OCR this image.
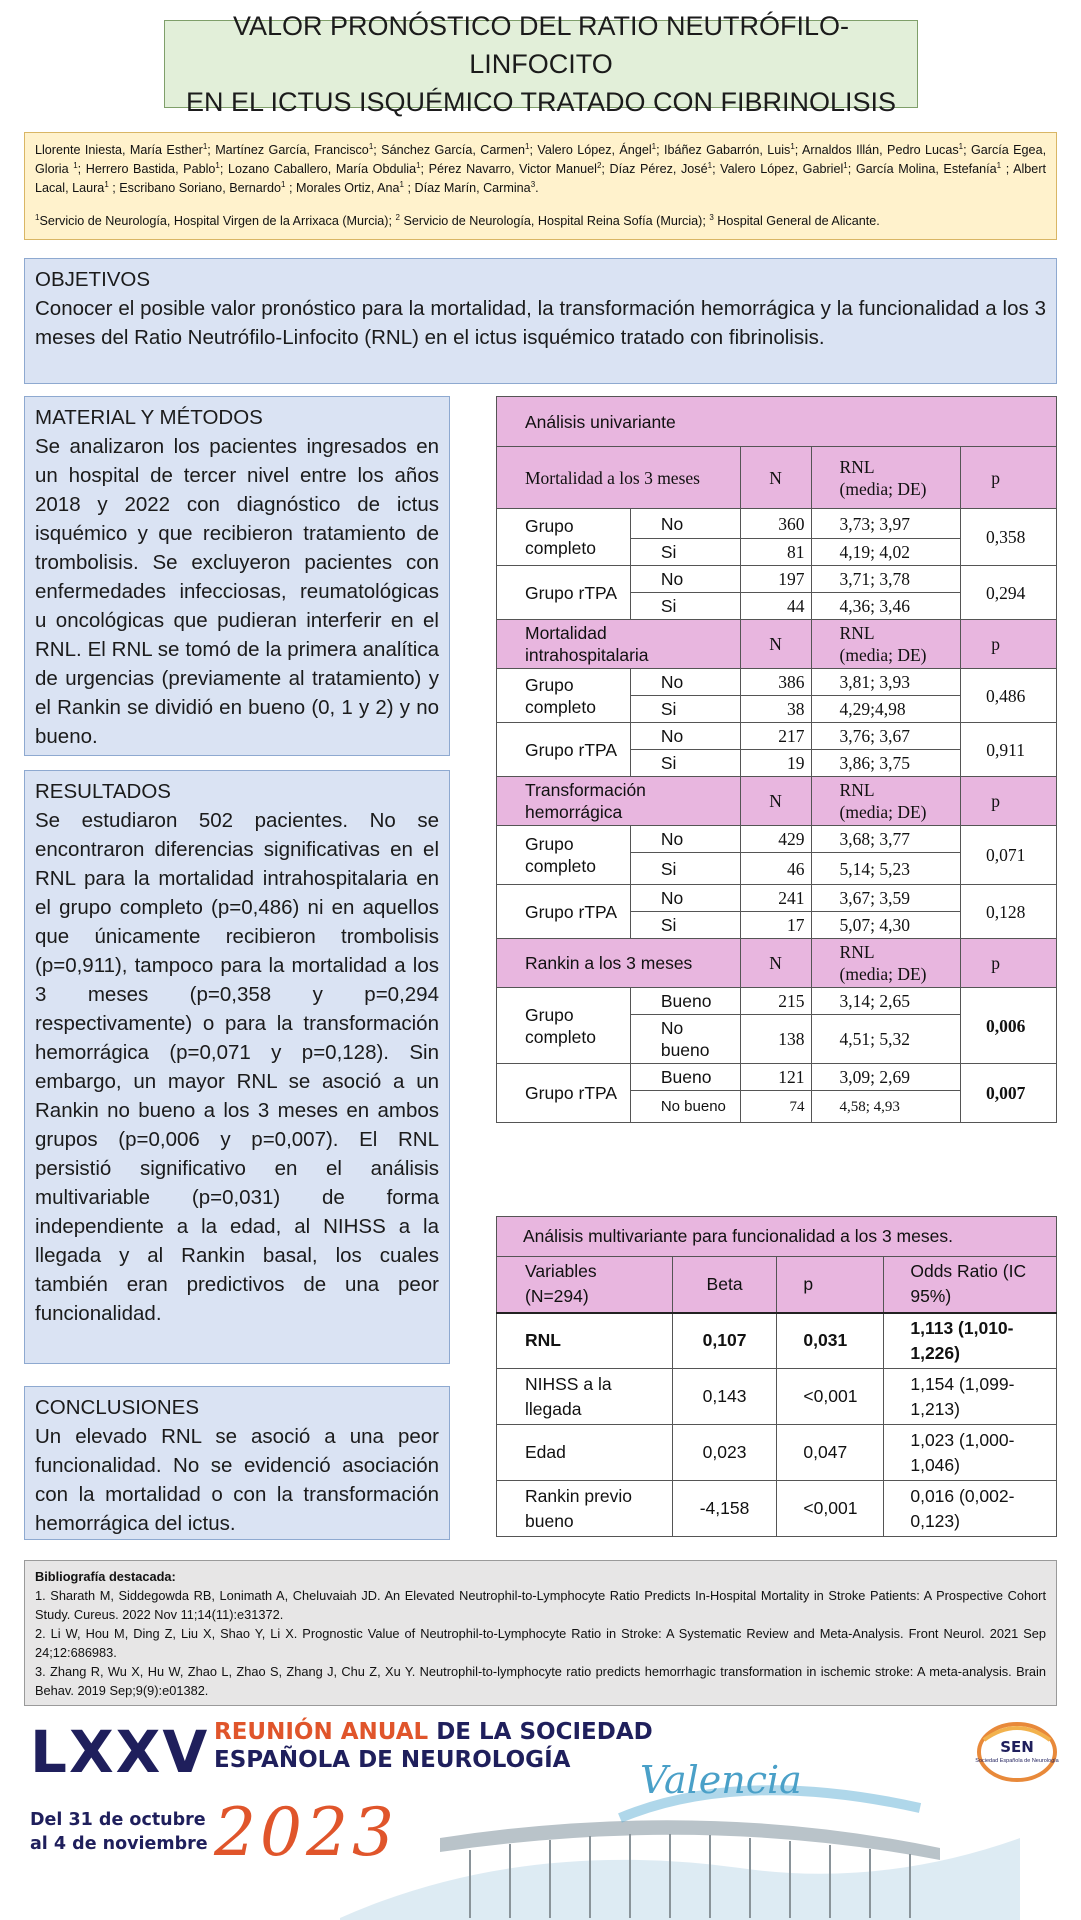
VALOR PRONÓSTICO DEL RATIO NEUTRÓFILO-LINFOCITO
EN EL ICTUS ISQUÉMICO TRATADO CON FIBRINOLISIS
Llorente Iniesta, María Esther$^1$; Martínez García, Francisco$^1$; Sánchez García, Carmen$^1$; Valero López, Ángel$^1$; Ibáñez Gabarrón, Luis$^1$; Arnaldos Illán, Pedro Lucas$^1$; García Egea, Gloria $^1$; Herrero Bastida, Pablo$^1$; Lozano Caballero, María Obdulia$^1$; Pérez Navarro, Victor Manuel$^2$; Díaz Pérez, José$^1$; Valero López, Gabriel$^1$; García Molina, Estefanía$^1$ ; Albert Lacal, Laura$^1$ ; Escribano Soriano, Bernardo$^1$ ; Morales Ortiz, Ana$^1$ ; Díaz Marín, Carmina$^3$.
$^1$Servicio de Neurología, Hospital Virgen de la Arrixaca (Murcia); $^2$ Servicio de Neurología, Hospital Reina Sofía (Murcia); $^3$ Hospital General de Alicante.
OBJETIVOS
Conocer el posible valor pronóstico para la mortalidad, la transformación hemorrágica y la funcionalidad a los 3 meses del Ratio Neutrófilo-Linfocito (RNL) en el ictus isquémico tratado con fibrinolisis.
MATERIAL Y MÉTODOS
Se analizaron los pacientes ingresados en un hospital de tercer nivel entre los años 2018 y 2022 con diagnóstico de ictus isquémico y que recibieron tratamiento de trombolisis. Se excluyeron pacientes con enfermedades infecciosas, reumatológicas u oncológicas que pudieran interferir en el RNL. El RNL se tomó de la primera analítica de urgencias (previamente al tratamiento) y el Rankin se dividió en bueno (0, 1 y 2) y no bueno.
RESULTADOS
Se estudiaron 502 pacientes. No se encontraron diferencias significativas en el RNL para la mortalidad intrahospitalaria en el grupo completo (p=0,486) ni en aquellos que únicamente recibieron trombolisis (p=0,911), tampoco para la mortalidad a los 3 meses (p=0,358 y p=0,294 respectivamente) o para la transformación hemorrágica (p=0,071 y p=0,128). Sin embargo, un mayor RNL se asoció a un Rankin no bueno a los 3 meses en ambos grupos (p=0,006 y p=0,007). El RNL persistió significativo en el análisis multivariable (p=0,031) de forma independiente a la edad, al NIHSS a la llegada y al Rankin basal, los cuales también eran predictivos de una peor funcionalidad.
CONCLUSIONES
Un elevado RNL se asoció a una peor funcionalidad. No se evidenció asociación con la mortalidad o con la transformación hemorrágica del ictus.
Análisis univariante				
Mortalidad a los 3 meses		N	RNL
(media; DE)	p
Grupo completo	No	360	3,73; 3,97	0,358
	Si	81	4,19; 4,02	
Grupo rTPA	No	197	3,71; 3,78	0,294
	Si	44	4,36; 3,46	
Mortalidad intrahospitalaria		N	RNL
(media; DE)	p
Grupo completo	No	386	3,81; 3,93	0,486
	Si	38	4,29;4,98	
Grupo rTPA	No	217	3,76; 3,67	0,911
	Si	19	3,86; 3,75	
Transformación hemorrágica		N	RNL
(media; DE)	p
Grupo completo	No	429	3,68; 3,77	0,071
	Si	46	5,14; 5,23	
Grupo rTPA	No	241	3,67; 3,59	0,128
	Si	17	5,07; 4,30	
Rankin a los 3 meses		N	RNL
(media; DE)	p
Grupo completo	Bueno	215	3,14; 2,65	0,006
	No bueno	138	4,51; 5,32	
Grupo rTPA	Bueno	121	3,09; 2,69	0,007
	No bueno	74	4,58; 4,93	
Análisis multivariante para funcionalidad a los 3 meses.			
Variables (N=294)	Beta	p	Odds Ratio (IC 95%)
RNL	0,107	0,031	1,113 (1,010-1,226)
NIHSS a la llegada	0,143	<0,001	1,154 (1,099-1,213)
Edad	0,023	0,047	1,023 (1,000-1,046)
Rankin previo bueno	-4,158	<0,001	0,016 (0,002-0,123)
Bibliografía destacada:
1. Sharath M, Siddegowda RB, Lonimath A, Cheluvaiah JD. An Elevated Neutrophil-to-Lymphocyte Ratio Predicts In-Hospital Mortality in Stroke Patients: A Prospective Cohort Study. Cureus. 2022 Nov 11;14(11):e31372.
2. Li W, Hou M, Ding Z, Liu X, Shao Y, Li X. Prognostic Value of Neutrophil-to-Lymphocyte Ratio in Stroke: A Systematic Review and Meta-Analysis. Front Neurol. 2021 Sep 24;12:686983.
3. Zhang R, Wu X, Hu W, Zhao L, Zhao S, Zhang J, Chu Z, Xu Y. Neutrophil-to-lymphocyte ratio predicts hemorrhagic transformation in ischemic stroke: A meta-analysis. Brain Behav. 2019 Sep;9(9):e01382.
LXXV REUNIÓN ANUAL DE LA SOCIEDAD
ESPAÑOLA DE NEUROLOGÍA	Valencia
Del 31 de octubre
al 4 de noviembre 2023
SEN
Sociedad Española de Neurología
